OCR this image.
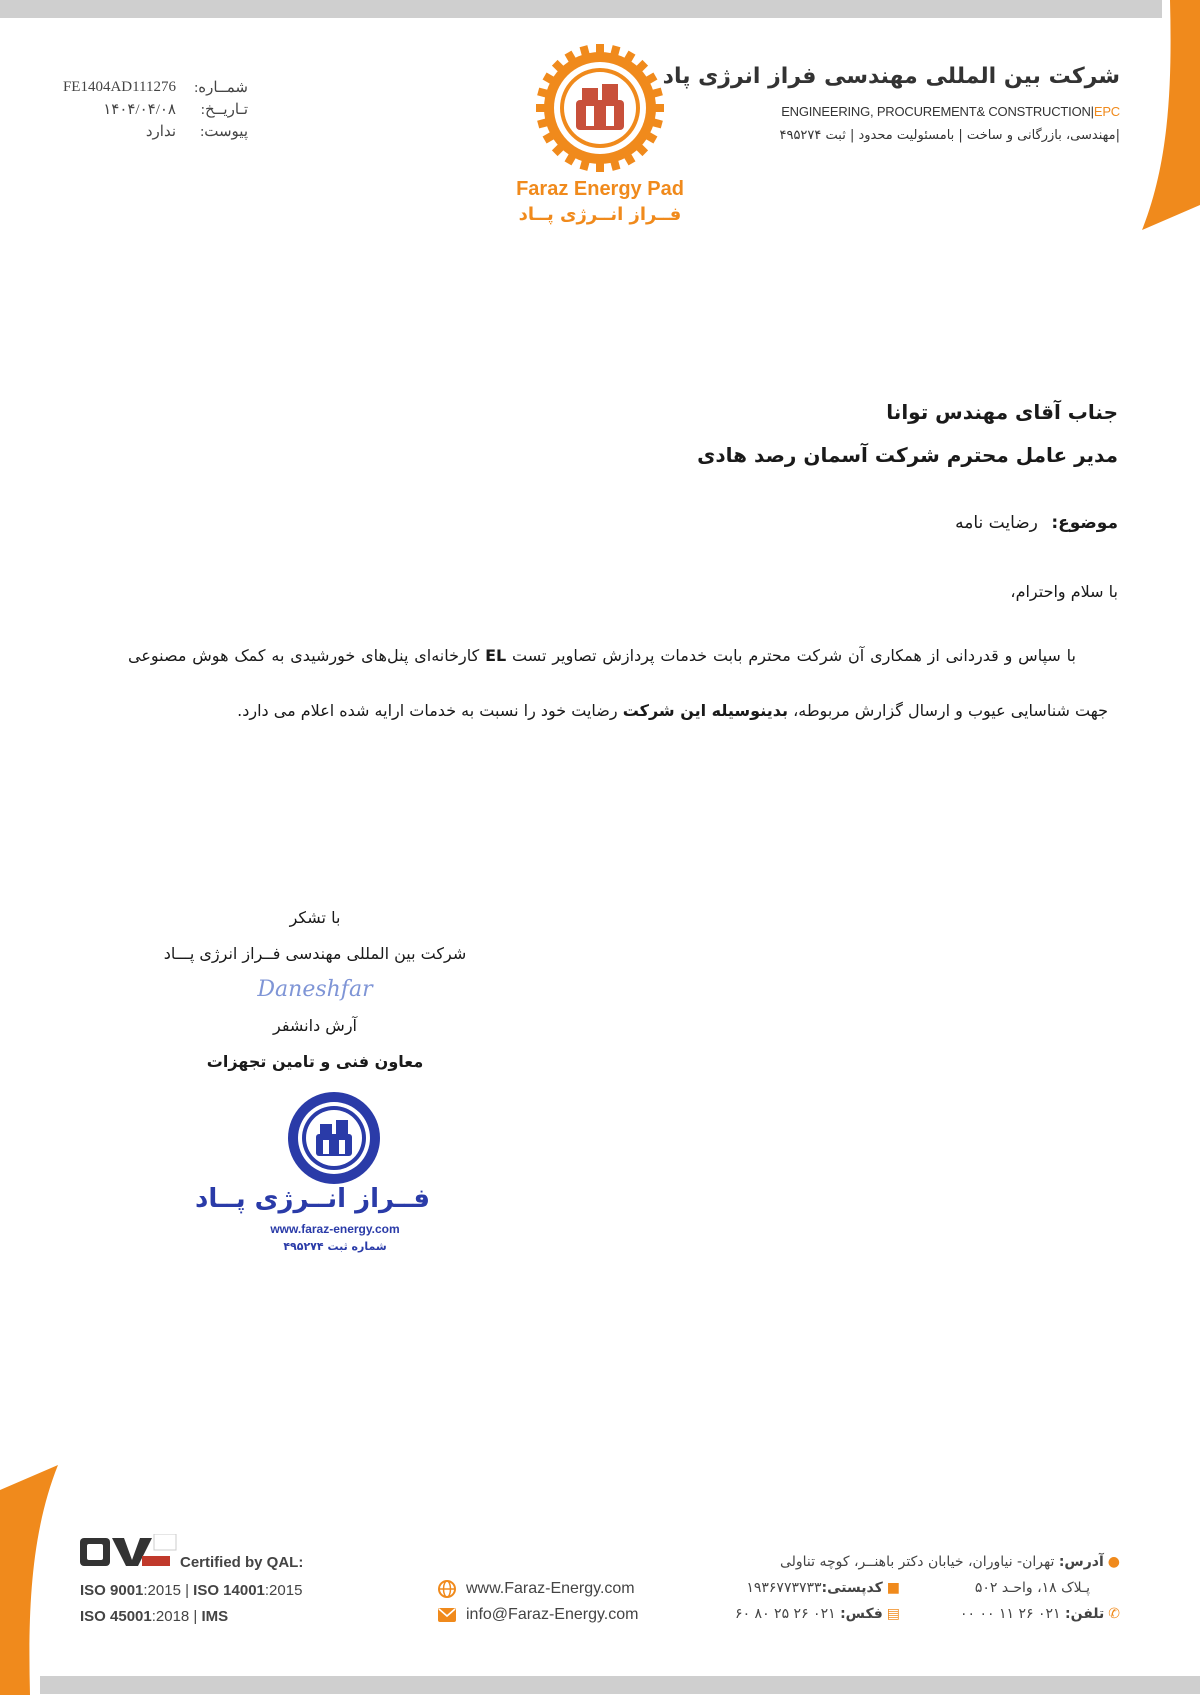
شرکت بین المللی مهندسی فراز انرژی پاد
ENGINEERING, PROCUREMENT& CONSTRUCTION|EPC
|مهندسی، بازرگانی و ساخت | بامسئولیت محدود | ثبت ۴۹۵۲۷۴
Faraz Energy Pad
فــراز انــرژی پــاد
شمــاره:
FE1404AD111276
تـاریــخ:
۱۴۰۴/۰۴/۰۸
پیوست:
ندارد
جناب آقای مهندس توانا
مدیر عامل محترم شرکت آسمان رصد هادی
موضوع: رضایت نامه
با سلام واحترام،

با سپاس و قدردانی از همکاری آن شرکت محترم بابت خدمات پردازش تصاویر تست EL کارخانه‌ای پنل‌های خورشیدی به کمک هوش مصنوعی جهت شناسایی عیوب و ارسال گزارش مربوطه، بدینوسیله این شرکت رضایت خود را نسبت به خدمات ارایه شده اعلام می دارد.

با تشکر
شرکت بین المللی مهندسی فــراز انرژی پـــاد
Daneshfar
آرش دانشفر
معاون فنی و تامین تجهزات
فــراز انــرژی پــاد
www.faraz-energy.com
شماره ثبت ۴۹۵۲۷۴
Certified by QAL:
ISO 9001:2015 | ISO 14001:2015
ISO 45001:2018 | IMS
www.Faraz-Energy.com
info@Faraz-Energy.com
●آدرس: تهران- نیاوران، خیابان دکتر باهنــر، کوچه تناولی
پـلاک ۱۸، واحـد ۵۰۲
■کدپستی:۱۹۳۶۷۷۳۷۳۳
✆تلفن: ۰۲۱ ۲۶ ۱۱ ۰۰ ۰۰
▤فکس: ۰۲۱ ۲۶ ۲۵ ۸۰ ۶۰
